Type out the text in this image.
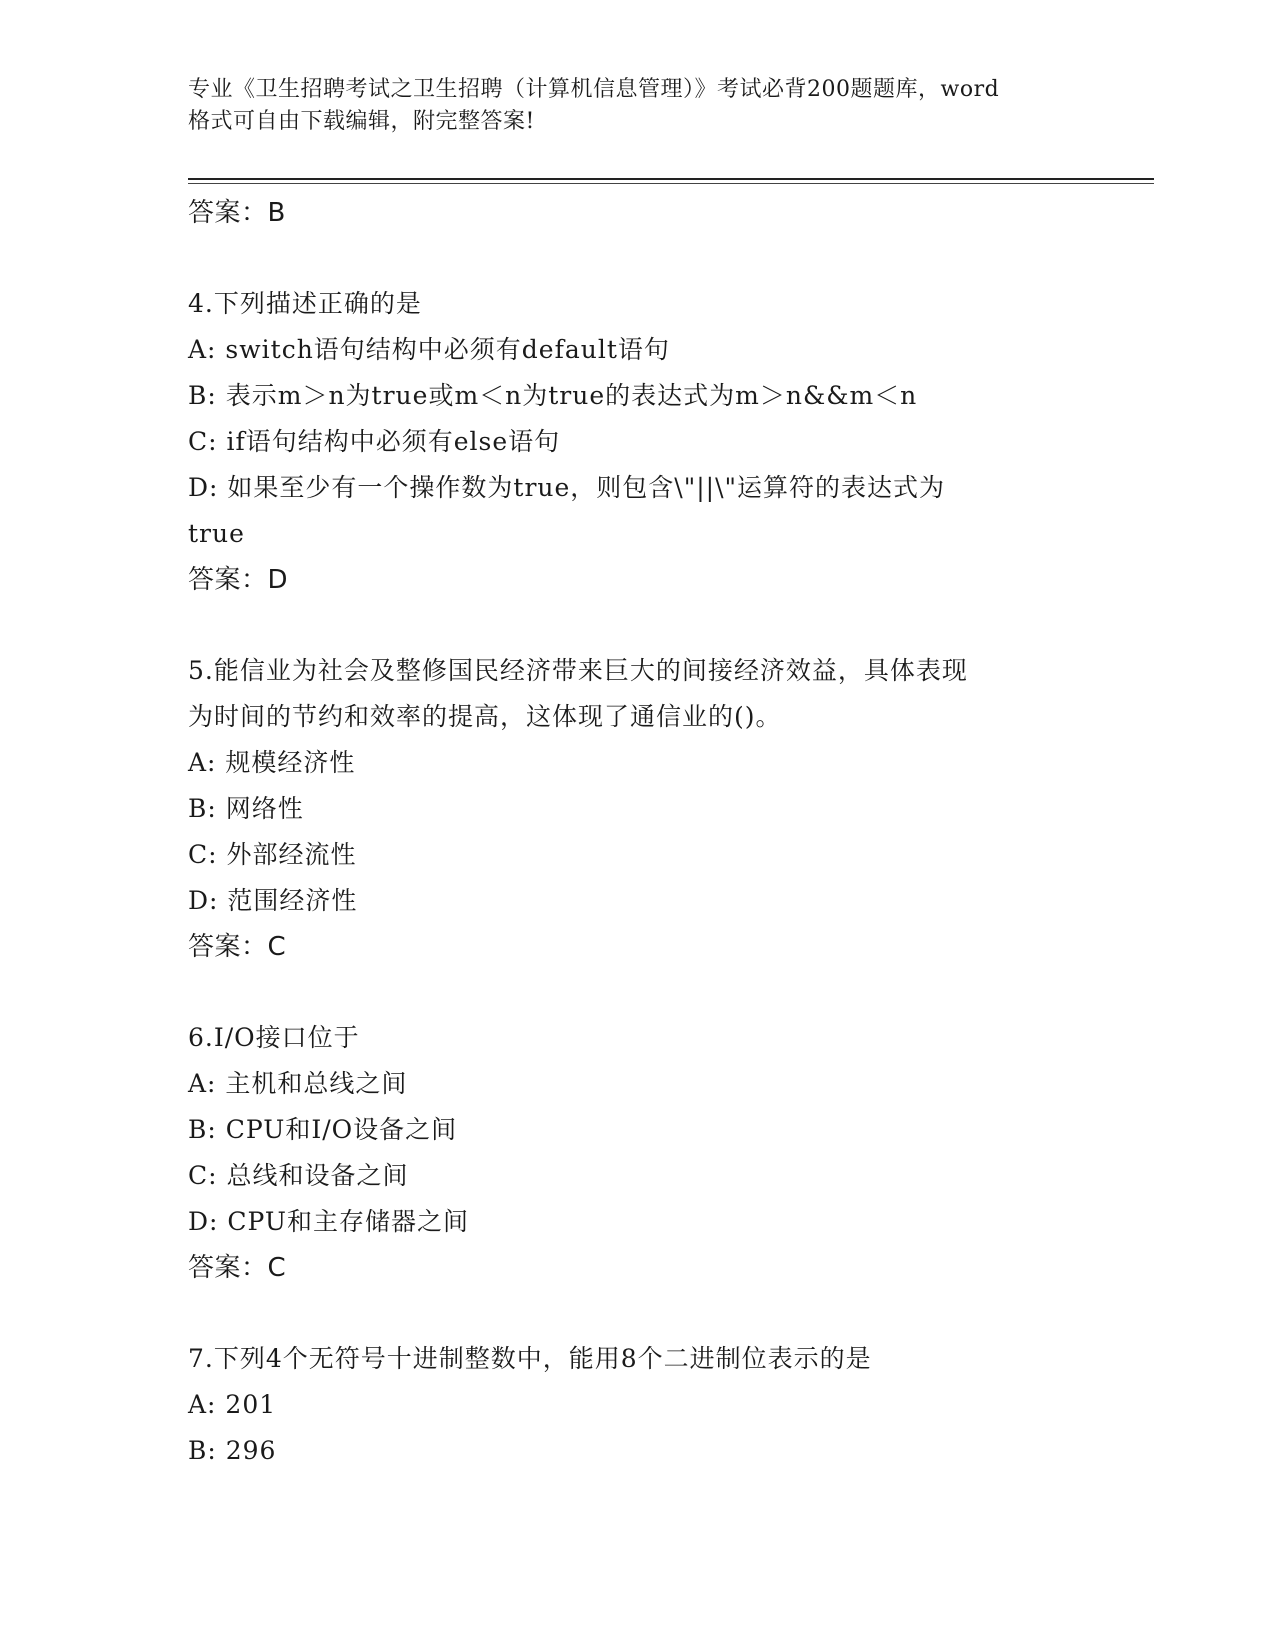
专业《卫生招聘考试之卫生招聘（计算机信息管理）》考试必背200题题库，word
格式可自由下载编辑，附完整答案!
答案：B
4.下列描述正确的是
A: switch语句结构中必须有default语句
B: 表示m＞n为true或m＜n为true的表达式为m＞n&&m＜n
C: if语句结构中必须有else语句
D: 如果至少有一个操作数为true，则包含\"||\"运算符的表达式为
true
答案：D
5.能信业为社会及整修国民经济带来巨大的间接经济效益，具体表现
为时间的节约和效率的提高，这体现了通信业的()。
A: 规模经济性
B: 网络性
C: 外部经流性
D: 范围经济性
答案：C
6.I/O接口位于
A: 主机和总线之间
B: CPU和I/O设备之间
C: 总线和设备之间
D: CPU和主存储器之间
答案：C
7.下列4个无符号十进制整数中，能用8个二进制位表示的是
A: 201
B: 296
